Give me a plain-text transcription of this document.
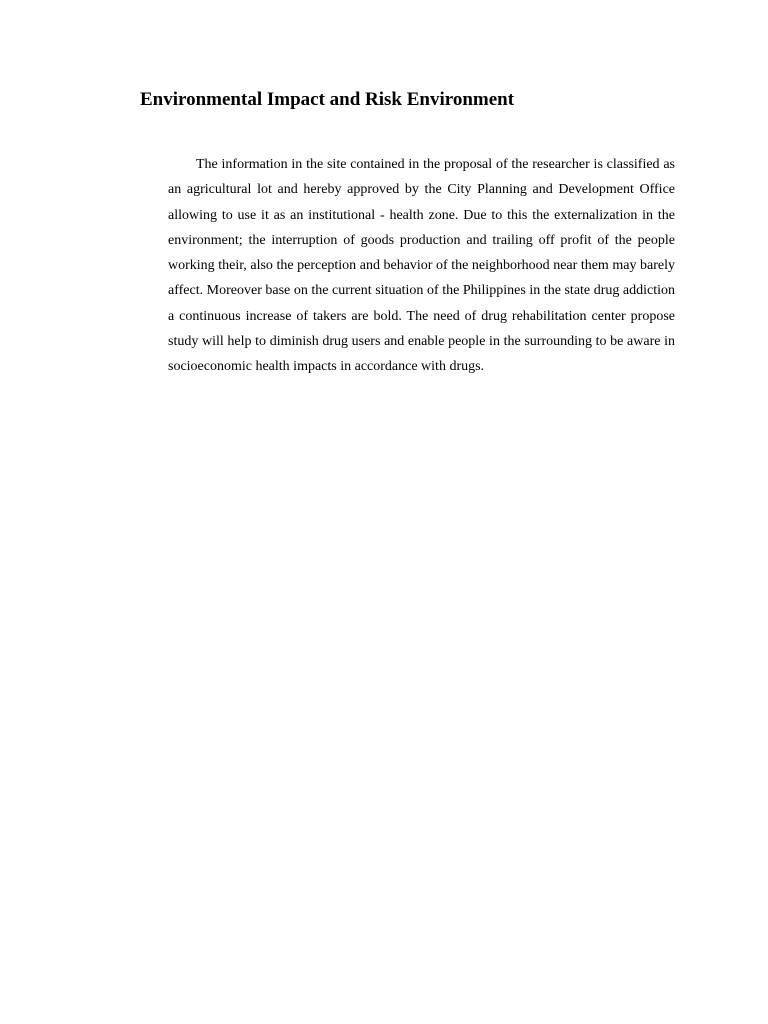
Environmental Impact and Risk Environment

The information in the site contained in the proposal of the researcher is classified as an agricultural lot and hereby approved by the City Planning and Development Office allowing to use it as an institutional - health zone. Due to this the externalization in the environment; the interruption of goods production and trailing off profit of the people working their, also the perception and behavior of the neighborhood near them may barely affect. Moreover base on the current situation of the Philippines in the state drug addiction a continuous increase of takers are bold. The need of drug rehabilitation center propose study will help to diminish drug users and enable people in the surrounding to be aware in socioeconomic health impacts in accordance with drugs.
